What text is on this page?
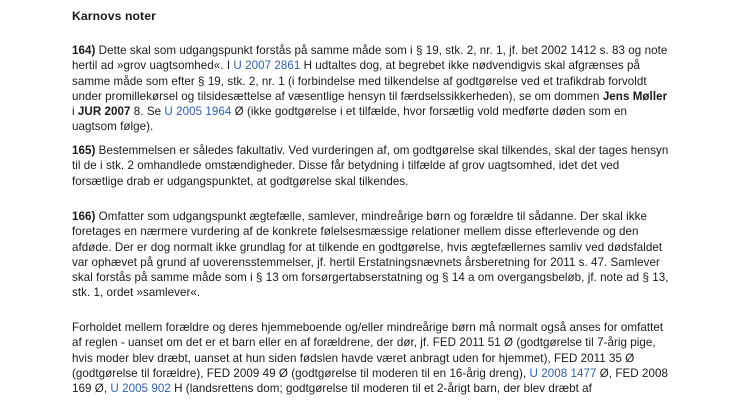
Karnovs noter

164) Dette skal som udgangspunkt forstås på samme måde som i § 19, stk. 2, nr. 1, jf. bet 2002 1412 s. 83 og note hertil ad »grov uagtsomhed«. I U 2007 2861 H udtaltes dog, at begrebet ikke nødvendigvis skal afgrænses på samme måde som efter § 19, stk. 2, nr. 1 (i forbindelse med tilkendelse af godtgørelse ved et trafikdrab forvoldt under promillekørsel og tilsidesættelse af væsentlige hensyn til færdselssikkerheden), se om dommen Jens Møller i JUR 2007 8. Se U 2005 1964 Ø (ikke godtgørelse i et tilfælde, hvor forsætlig vold medførte døden som en uagtsom følge).

165) Bestemmelsen er således fakultativ. Ved vurderingen af, om godtgørelse skal tilkendes, skal der tages hensyn til de i stk. 2 omhandlede omstændigheder. Disse får betydning i tilfælde af grov uagtsomhed, idet det ved forsætlige drab er udgangspunktet, at godtgørelse skal tilkendes.

166) Omfatter som udgangspunkt ægtefælle, samlever, mindreårige børn og forældre til sådanne. Der skal ikke foretages en nærmere vurdering af de konkrete følelsesmæssige relationer mellem disse efterlevende og den afdøde. Der er dog normalt ikke grundlag for at tilkende en godtgørelse, hvis ægtefællernes samliv ved dødsfaldet var ophævet på grund af uoverensstemmelser, jf. hertil Erstatningsnævnets årsberetning for 2011 s. 47. Samlever skal forstås på samme måde som i § 13 om forsørgertabserstatning og § 14 a om overgangsbeløb, jf. note ad § 13, stk. 1, ordet »samlever«.

Forholdet mellem forældre og deres hjemmeboende og/eller mindreårige børn må normalt også anses for omfattet af reglen - uanset om det er et barn eller en af forældrene, der dør, jf. FED 2011 51 Ø (godtgørelse til 7-årig pige, hvis moder blev dræbt, uanset at hun siden fødslen havde været anbragt uden for hjemmet), FED 2011 35 Ø (godtgørelse til forældre), FED 2009 49 Ø (godtgørelse til moderen til en 16-årig dreng), U 2008 1477 Ø, FED 2008 169 Ø, U 2005 902 H (landsrettens dom; godtgørelse til moderen til et 2-årigt barn, der blev dræbt af
